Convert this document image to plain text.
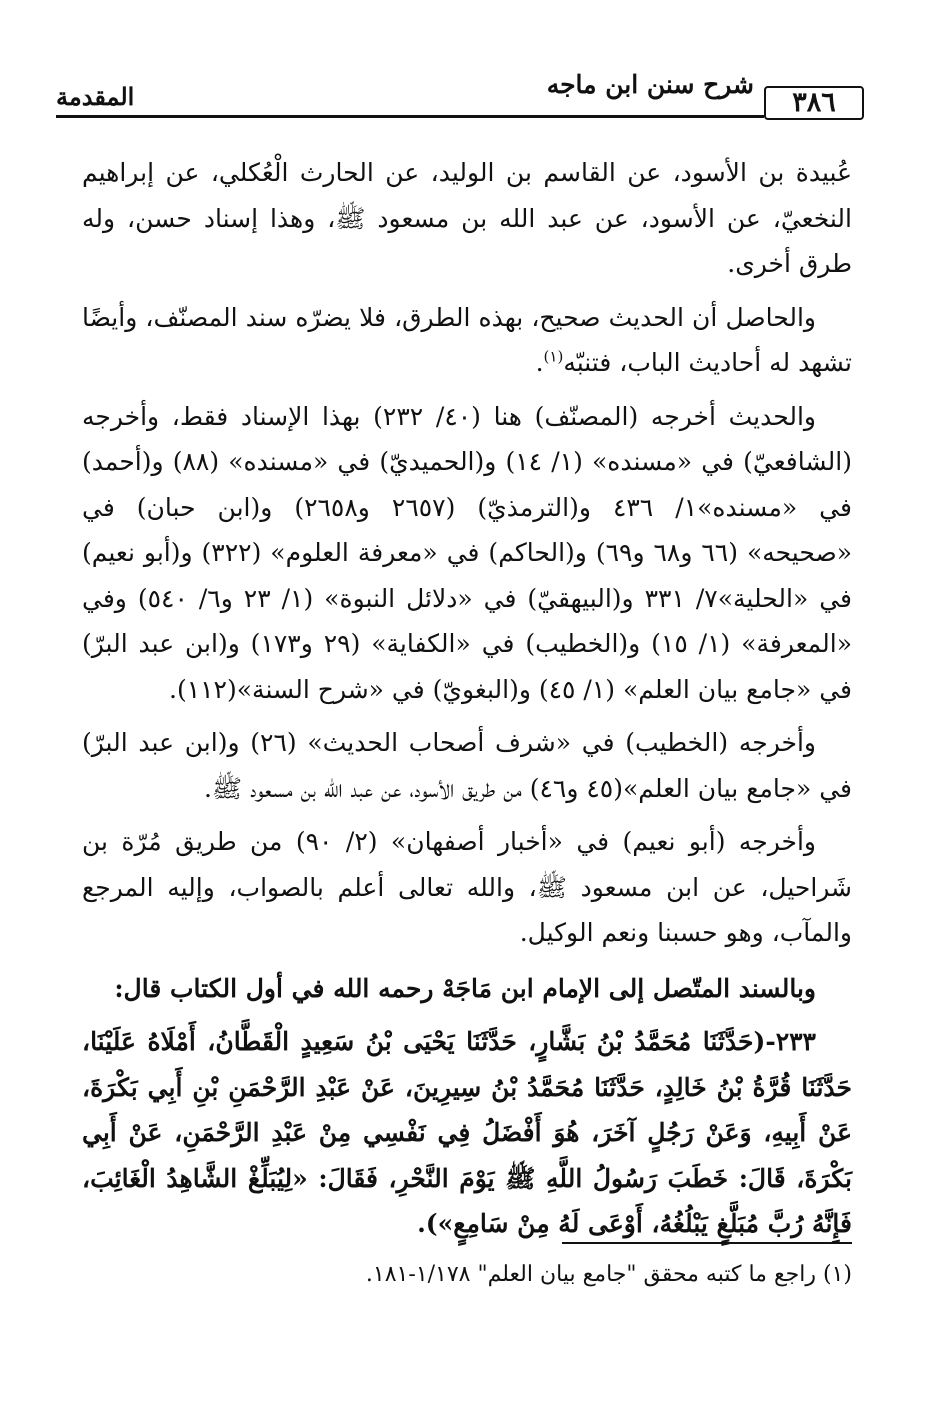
٣٨٦
شرح سنن ابن ماجه
المقدمة

عُبيدة بن الأسود، عن القاسم بن الوليد، عن الحارث الْعُكلي، عن إبراهيم النخعيّ، عن الأسود، عن عبد الله بن مسعود ﷺ، وهذا إسناد حسن، وله طرق أخرى.

والحاصل أن الحديث صحيح، بهذه الطرق، فلا يضرّه سند المصنّف، وأيضًا تشهد له أحاديث الباب، فتنبّه$^{(١)}$.

والحديث أخرجه (المصنّف) هنا (٤٠/ ٢٣٢) بهذا الإسناد فقط، وأخرجه (الشافعيّ) في «مسنده» (١/ ١٤) و(الحميديّ) في «مسنده» (٨٨) و(أحمد) في «مسنده»١/ ٤٣٦ و(الترمذيّ) (٢٦٥٧ و٢٦٥٨) و(ابن حبان) في «صحيحه» (٦٦ و٦٨ و٦٩) و(الحاكم) في «معرفة العلوم» (٣٢٢) و(أبو نعيم) في «الحلية»٧/ ٣٣١ و(البيهقيّ) في «دلائل النبوة» (١/ ٢٣ و٦/ ٥٤٠) وفي «المعرفة» (١/ ١٥) و(الخطيب) في «الكفاية» (٢٩ و١٧٣) و(ابن عبد البرّ) في «جامع بيان العلم» (١/ ٤٥) و(البغويّ) في «شرح السنة»(١١٢).

وأخرجه (الخطيب) في «شرف أصحاب الحديث» (٢٦) و(ابن عبد البرّ) في «جامع بيان العلم»(٤٥ و٤٦) من طريق الأسود، عن عبد الله بن مسعود ﷺ.

وأخرجه (أبو نعيم) في «أخبار أصفهان» (٢/ ٩٠) من طريق مُرّة بن شَراحيل، عن ابن مسعود ﷺ، والله تعالى أعلم بالصواب، وإليه المرجع والمآب، وهو حسبنا ونعم الوكيل.

وبالسند المتّصل إلى الإمام ابن مَاجَهْ رحمه الله في أول الكتاب قال:

٢٣٣-(حَدَّثَنَا مُحَمَّدُ بْنُ بَشَّارٍ، حَدَّثَنَا يَحْيَى بْنُ سَعِيدٍ الْقَطَّانُ، أَمْلَاهُ عَلَيْنَا، حَدَّثَنَا قُرَّةُ بْنُ خَالِدٍ، حَدَّثَنَا مُحَمَّدُ بْنُ سِيرِينَ، عَنْ عَبْدِ الرَّحْمَنِ بْنِ أَبِي بَكْرَةَ، عَنْ أَبِيهِ، وَعَنْ رَجُلٍ آخَرَ، هُوَ أَفْضَلُ فِي نَفْسِي مِنْ عَبْدِ الرَّحْمَنِ، عَنْ أَبِي بَكْرَةَ، قَالَ: خَطَبَ رَسُولُ اللَّهِ ﷺ يَوْمَ النَّحْرِ، فَقَالَ: «لِيُبَلِّغْ الشَّاهِدُ الْغَائِبَ، فَإِنَّهُ رُبَّ مُبَلَّغٍ يَبْلُغُهُ، أَوْعَى لَهُ مِنْ سَامِعٍ»).

(١) راجع ما كتبه محقق "جامع بيان العلم" ١/١٧٨-١٨١.
